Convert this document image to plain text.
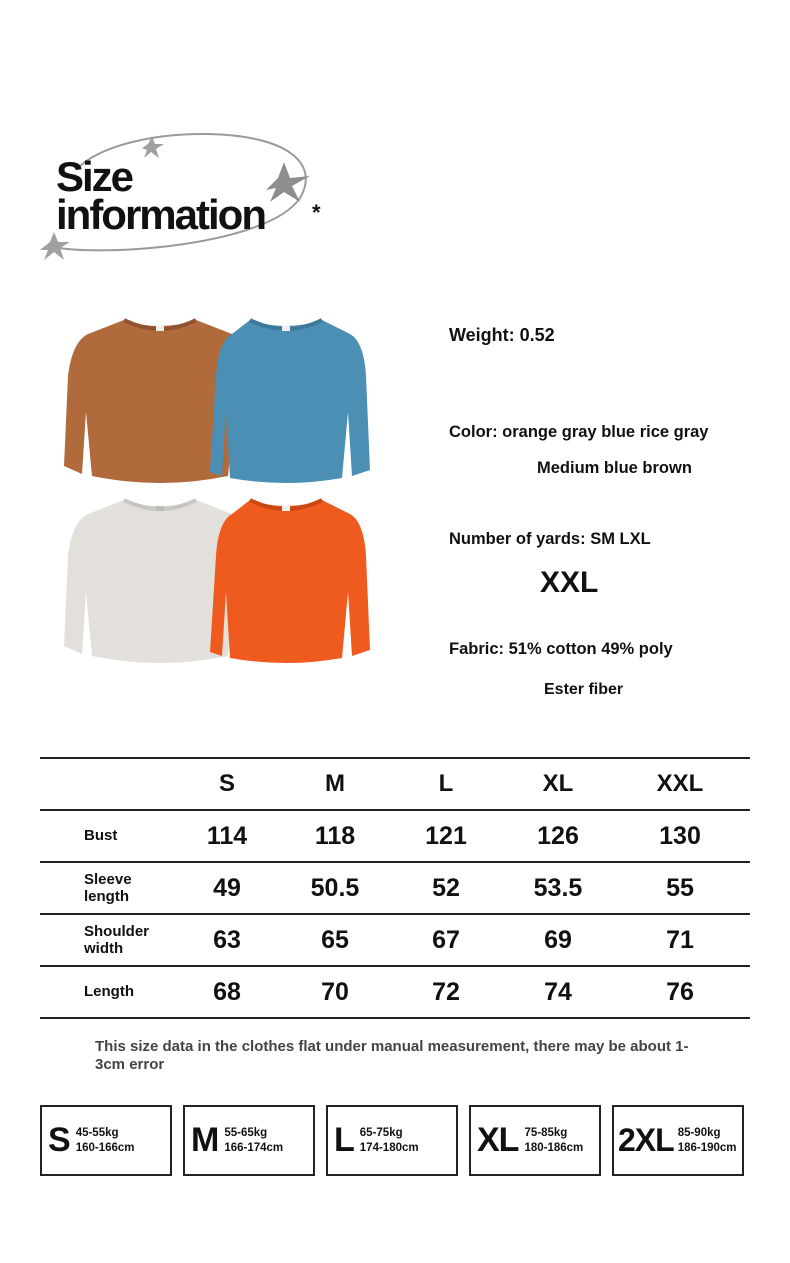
Size
information *
Weight: 0.52
Color: orange gray blue rice gray
Medium blue brown
Number of yards: SM LXL
XXL
Fabric: 51% cotton 49% poly
Ester fiber
	S	M	L	XL	XXL
Bust	114	118	121	126	130
Sleeve
length	49	50.5	52	53.5	55
Shoulder
width	63	65	67	69	71
Length	68	70	72	74	76
This size data in the clothes flat under manual measurement, there may be about 1-3cm error
S 45-55kg
160-166cm M 55-65kg
166-174cm L 65-75kg
174-180cm XL 75-85kg
180-186cm 2XL 85-90kg
186-190cm
